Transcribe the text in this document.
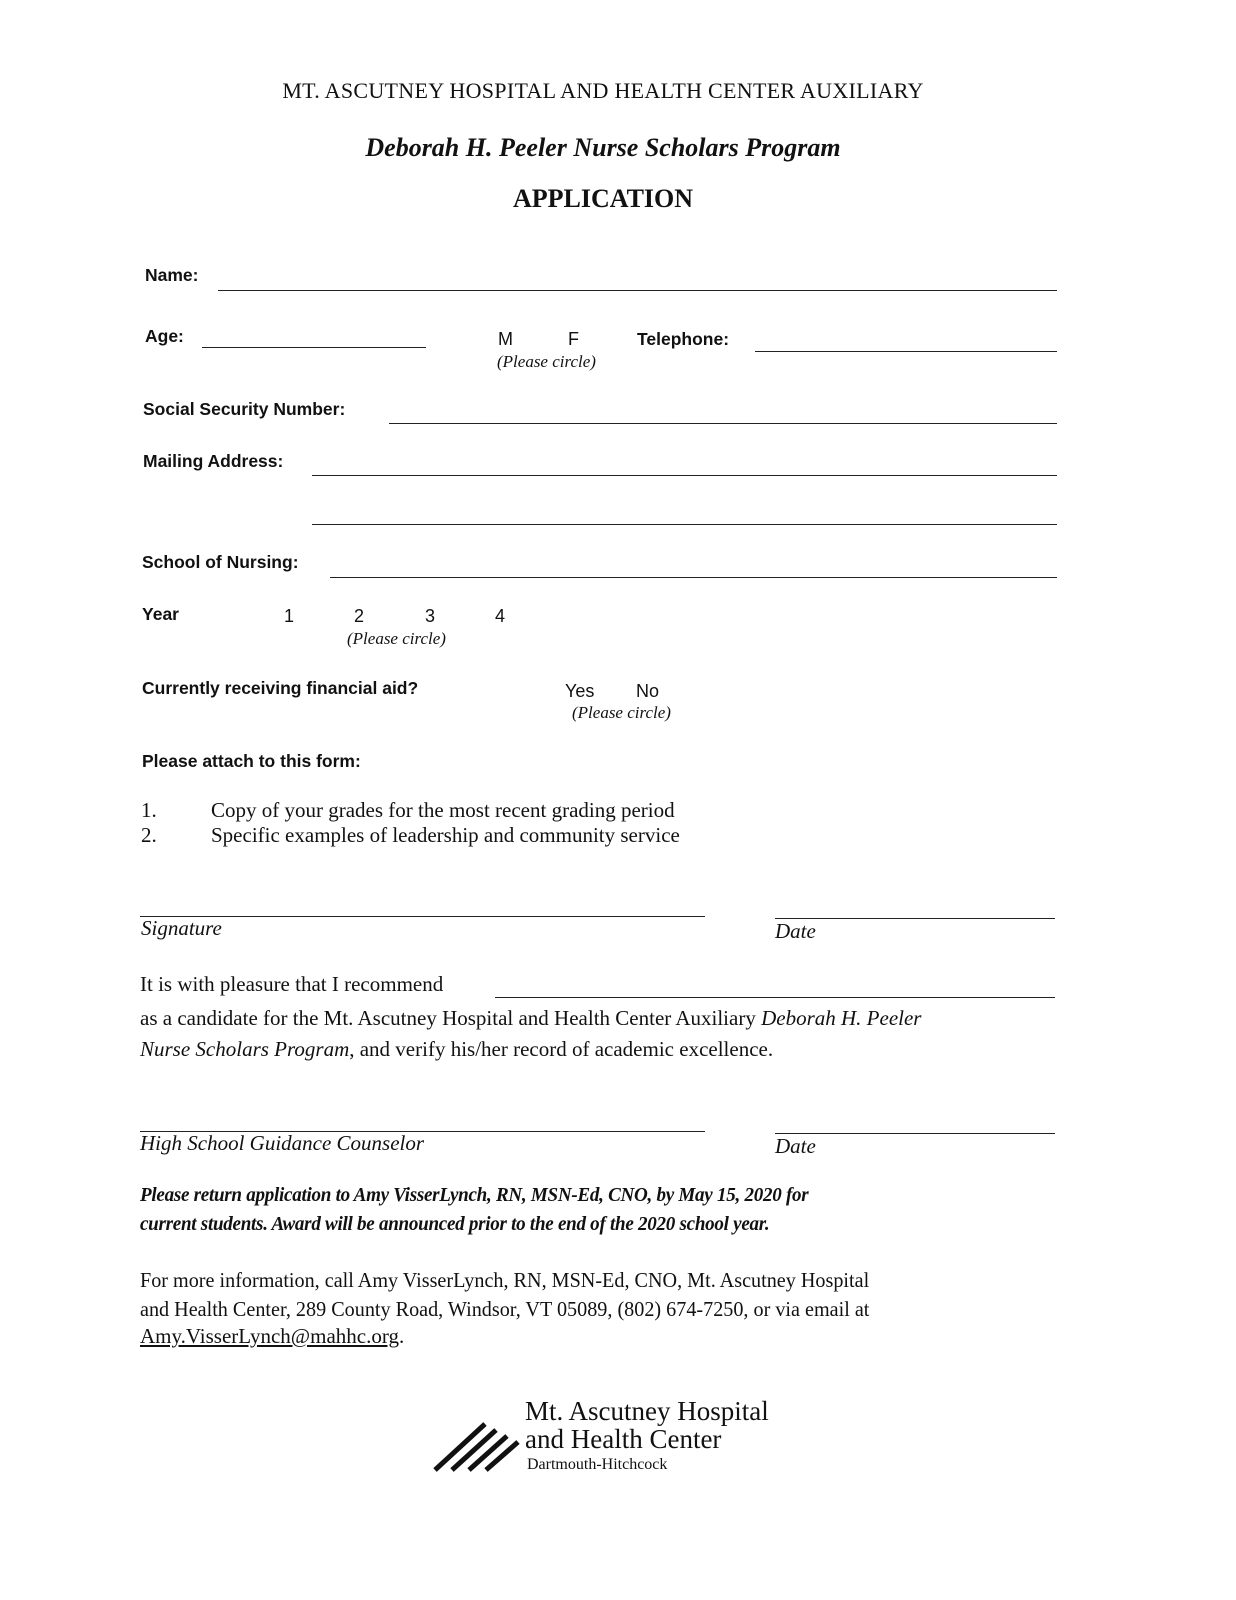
MT. ASCUTNEY HOSPITAL AND HEALTH CENTER AUXILIARY
Deborah H. Peeler Nurse Scholars Program
APPLICATION
Name:
Age:	M	F
(Please circle)
Telephone:
Social Security Number:
Mailing Address:
School of Nursing:
Year	1	2	3	4
(Please circle)
Currently receiving financial aid?	Yes No
(Please circle)
Please attach to this form:
1.	Copy of your grades for the most recent grading period
2.	Specific examples of leadership and community service
Signature	Date
It is with pleasure that I recommend
as a candidate for the Mt. Ascutney Hospital and Health Center Auxiliary Deborah H. Peeler
Nurse Scholars Program, and verify his/her record of academic excellence.
High School Guidance Counselor	Date
Please return application to Amy VisserLynch, RN, MSN-Ed, CNO, by May 15, 2020 for
current students. Award will be announced prior to the end of the 2020 school year.
For more information, call Amy VisserLynch, RN, MSN-Ed, CNO, Mt. Ascutney Hospital
and Health Center, 289 County Road, Windsor, VT 05089, (802) 674-7250, or via email at
Amy.VisserLynch@mahhc.org.
Mt. Ascutney Hospital
and Health Center
Dartmouth-Hitchcock
